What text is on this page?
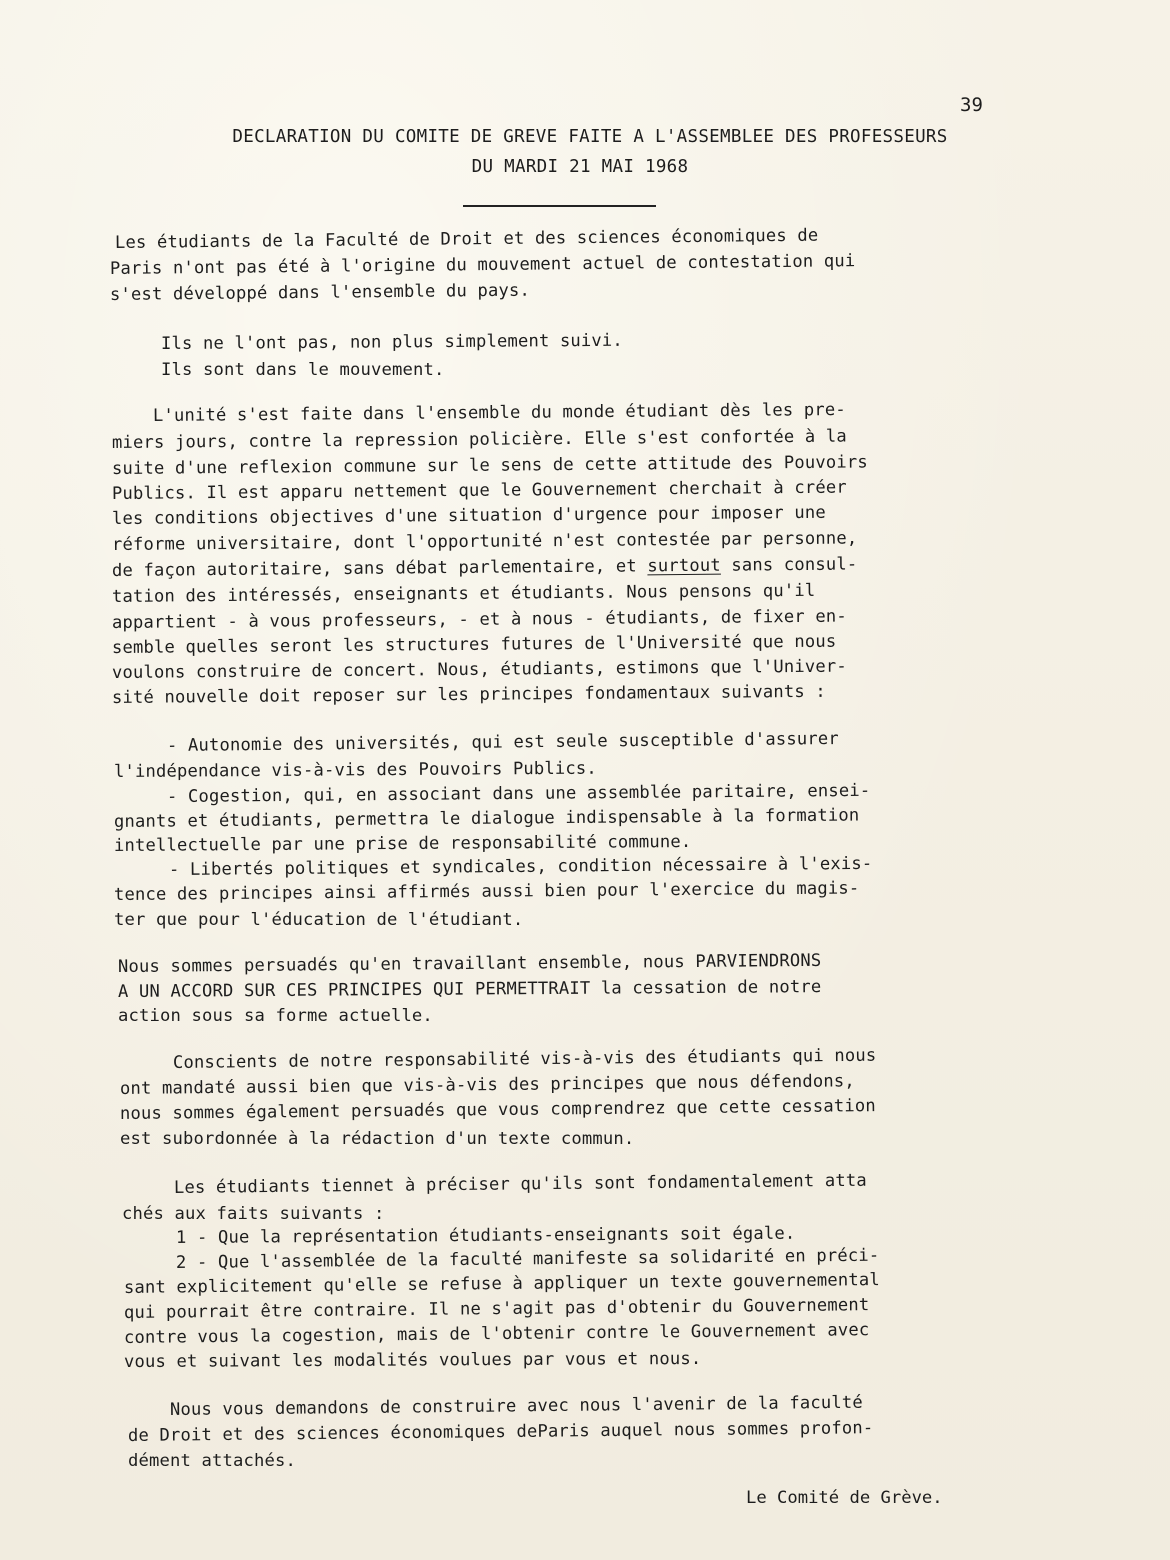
39
DECLARATION DU COMITE DE GREVE FAITE A L'ASSEMBLEE DES PROFESSEURS
DU MARDI 21 MAI 1968
Les étudiants de la Faculté de Droit et des sciences économiques de
Paris n'ont pas été à l'origine du mouvement actuel de contestation qui
s'est développé dans l'ensemble du pays.
Ils ne l'ont pas, non plus simplement suivi.
Ils sont dans le mouvement.
L'unité s'est faite dans l'ensemble du monde étudiant dès les pre-
miers jours, contre la repression policière. Elle s'est confortée à la
suite d'une reflexion commune sur le sens de cette attitude des Pouvoirs
Publics. Il est apparu nettement que le Gouvernement cherchait à créer
les conditions objectives d'une situation d'urgence pour imposer une
réforme universitaire, dont l'opportunité n'est contestée par personne,
de façon autoritaire, sans débat parlementaire, et surtout sans consul-
tation des intéressés, enseignants et étudiants. Nous pensons qu'il
appartient - à vous professeurs, - et à nous - étudiants, de fixer en-
semble quelles seront les structures futures de l'Université que nous
voulons construire de concert. Nous, étudiants, estimons que l'Univer-
sité nouvelle doit reposer sur les principes fondamentaux suivants :
- Autonomie des universités, qui est seule susceptible d'assurer
l'indépendance vis-à-vis des Pouvoirs Publics.
- Cogestion, qui, en associant dans une assemblée paritaire, ensei-
gnants et étudiants, permettra le dialogue indispensable à la formation
intellectuelle par une prise de responsabilité commune.
- Libertés politiques et syndicales, condition nécessaire à l'exis-
tence des principes ainsi affirmés aussi bien pour l'exercice du magis-
ter que pour l'éducation de l'étudiant.
Nous sommes persuadés qu'en travaillant ensemble, nous PARVIENDRONS
A UN ACCORD SUR CES PRINCIPES QUI PERMETTRAIT la cessation de notre
action sous sa forme actuelle.
Conscients de notre responsabilité vis-à-vis des étudiants qui nous
ont mandaté aussi bien que vis-à-vis des principes que nous défendons,
nous sommes également persuadés que vous comprendrez que cette cessation
est subordonnée à la rédaction d'un texte commun.
Les étudiants tiennet à préciser qu'ils sont fondamentalement atta
chés aux faits suivants :
1 - Que la représentation étudiants-enseignants soit égale.
2 - Que l'assemblée de la faculté manifeste sa solidarité en préci-
sant explicitement qu'elle se refuse à appliquer un texte gouvernemental
qui pourrait être contraire. Il ne s'agit pas d'obtenir du Gouvernement
contre vous la cogestion, mais de l'obtenir contre le Gouvernement avec
vous et suivant les modalités voulues par vous et nous.
Nous vous demandons de construire avec nous l'avenir de la faculté
de Droit et des sciences économiques deParis auquel nous sommes profon-
dément attachés.
Le Comité de Grève.
